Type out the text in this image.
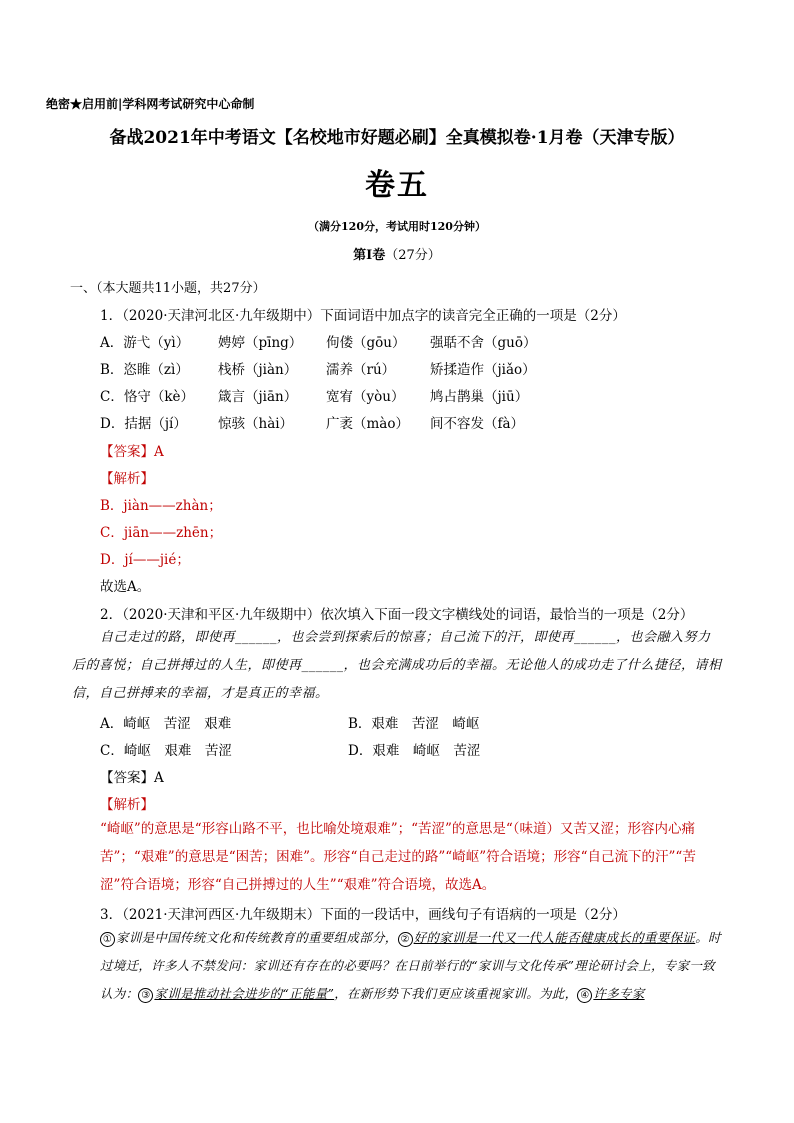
绝密★启用前|学科网考试研究中心命制
备战2021年中考语文【名校地市好题必刷】全真模拟卷·1月卷（天津专版）
卷五
（满分120分，考试用时120分钟）
第Ⅰ卷（27分）
一、（本大题共11小题，共27分）
1．（2020·天津河北区·九年级期中）下面词语中加点字的读音完全正确的一项是（2分）
A．游弋（yì） 娉婷（pīng） 佝偻（gōu） 强聒不舍（guō）
B．恣睢（zì） 栈桥（jiàn） 濡养（rú）	矫揉造作（jiǎo）
C．恪守（kè） 箴言（jiān） 宽宥（yòu） 鸠占鹊巢（jiū）
D．拮据（jí） 惊骇（hài） 广袤（mào） 间不容发（fà）
【答案】A
【解析】
B．jiàn——zhàn；
C．jiān——zhēn；
D．jí——jié；
故选A。
2．（2020·天津和平区·九年级期中）依次填入下面一段文字横线处的词语，最恰当的一项是（2分）
自己走过的路，即使再______，也会尝到探索后的惊喜；自己流下的汗，即使再______，也会融入努力后的喜悦；自己拼搏过的人生，即使再______，也会充满成功后的幸福。无论他人的成功走了什么捷径，请相信，自己拼搏来的幸福，才是真正的幸福。
A．崎岖　苦涩　艰难	B．艰难　苦涩　崎岖
C．崎岖　艰难　苦涩	D．艰难　崎岖　苦涩
【答案】A
【解析】
“崎岖”的意思是“形容山路不平，也比喻处境艰难”；“苦涩”的意思是“（味道）又苦又涩；形容内心痛苦”；“艰难”的意思是“困苦；困难”。形容“自己走过的路”“崎岖”符合语境；形容“自己流下的汗”“苦涩”符合语境；形容“自己拼搏过的人生”“艰难”符合语境，故选A。
3．（2021·天津河西区·九年级期末）下面的一段话中，画线句子有语病的一项是（2分）
① 家训是中国传统文化和传统教育的重要组成部分， ② 好的家训是一代又一代人能否健康成长的重要保证。时过境迁，许多人不禁发问：家训还有存在的必要吗？在日前举行的“家训与文化传承”理论研讨会上，专家一致认为： ③ 家训是推动社会进步的“正能量”，在新形势下我们更应该重视家训。为此， ④ 许多专家
